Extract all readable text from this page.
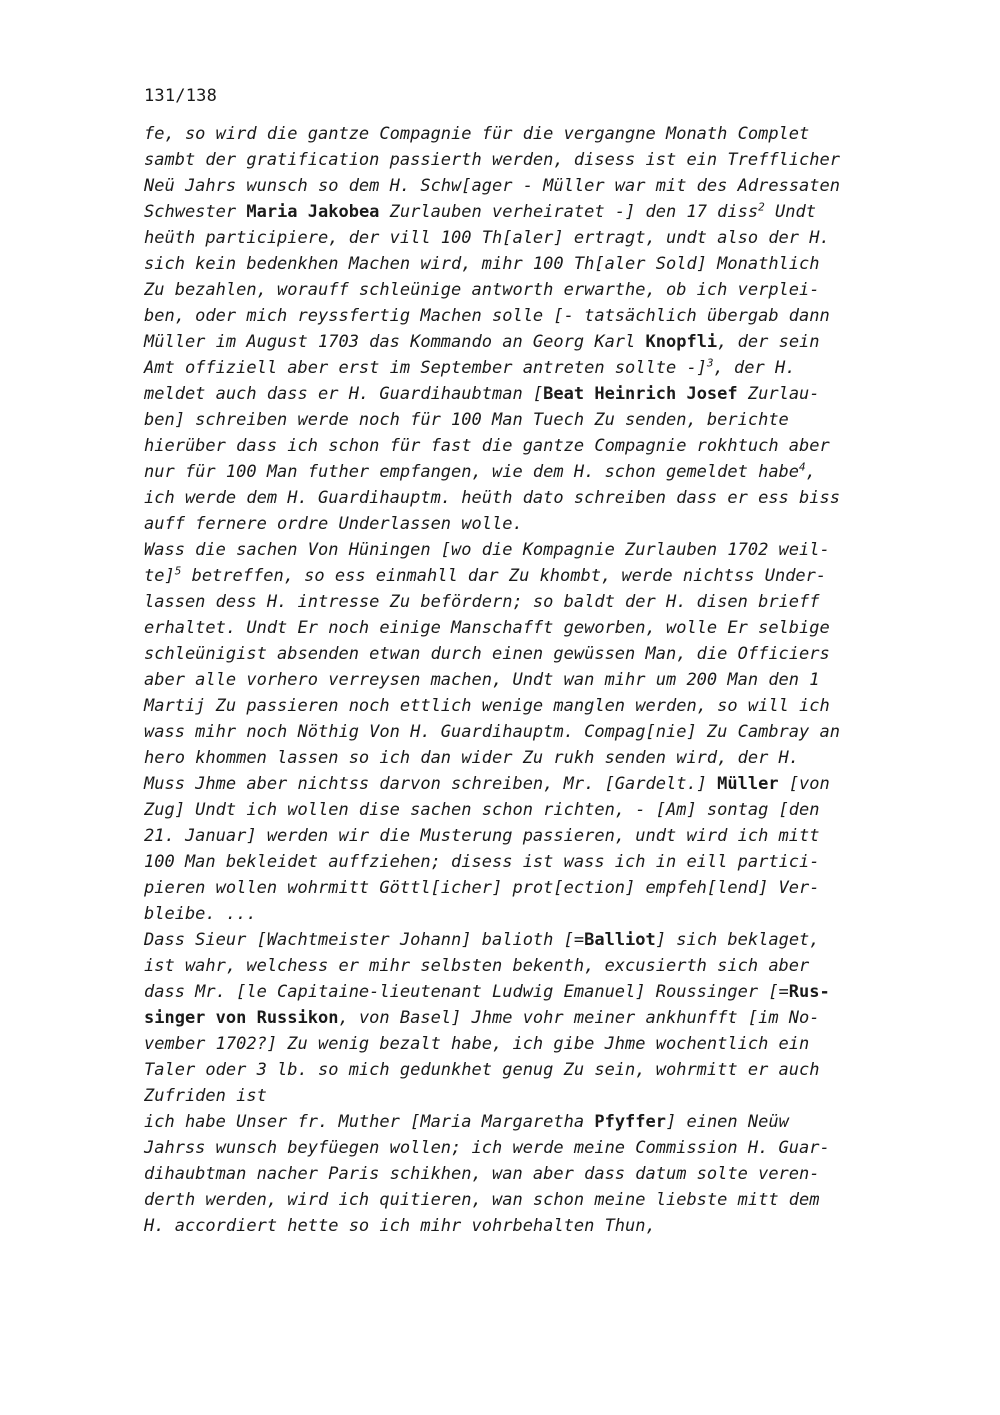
131/138
fe, so wird die gantze Compagnie für die vergangne Monath Complet
sambt der gratification passierth werden, disess ist ein Trefflicher
Neü Jahrs wunsch so dem H. Schw[ager - Müller war mit des Adressaten
Schwester Maria Jakobea Zurlauben verheiratet -] den 17 diss$^2$ Undt
heüth participiere, der vill 100 Th[aler] ertragt, undt also der H.
sich kein bedenkhen Machen wird, mihr 100 Th[aler Sold] Monathlich
Zu bezahlen, worauff schleünige antworth erwarthe, ob ich verplei-
ben, oder mich reyssfertig Machen solle [- tatsächlich übergab dann
Müller im August 1703 das Kommando an Georg Karl Knopfli, der sein
Amt offiziell aber erst im September antreten sollte -]$^3$, der H.
meldet auch dass er H. Guardihaubtman [Beat Heinrich Josef Zurlau-
ben] schreiben werde noch für 100 Man Tuech Zu senden, berichte
hierüber dass ich schon für fast die gantze Compagnie rokhtuch aber
nur für 100 Man futher empfangen, wie dem H. schon gemeldet habe$^4$,
ich werde dem H. Guardihauptm. heüth dato schreiben dass er ess biss
auff fernere ordre Underlassen wolle.
Wass die sachen Von Hüningen [wo die Kompagnie Zurlauben 1702 weil-
te]$^5$ betreffen, so ess einmahll dar Zu khombt, werde nichtss Under-
lassen dess H. intresse Zu befördern; so baldt der H. disen brieff
erhaltet. Undt Er noch einige Manschafft geworben, wolle Er selbige
schleünigist absenden etwan durch einen gewüssen Man, die Officiers
aber alle vorhero verreysen machen, Undt wan mihr um 200 Man den 1
Martij Zu passieren noch ettlich wenige manglen werden, so will ich
wass mihr noch Nöthig Von H. Guardihauptm. Compag[nie] Zu Cambray an
hero khommen lassen so ich dan wider Zu rukh senden wird, der H.
Muss Jhme aber nichtss darvon schreiben, Mr. [Gardelt.] Müller [von
Zug] Undt ich wollen dise sachen schon richten, - [Am] sontag [den
21. Januar] werden wir die Musterung passieren, undt wird ich mitt
100 Man bekleidet auffziehen; disess ist wass ich in eill partici-
pieren wollen wohrmitt Göttl[icher] prot[ection] empfeh[lend] Ver-
bleibe. ...
Dass Sieur [Wachtmeister Johann] balioth [=Balliot] sich beklaget,
ist wahr, welchess er mihr selbsten bekenth, excusierth sich aber
dass Mr. [le Capitaine-lieutenant Ludwig Emanuel] Roussinger [=Rus-
singer von Russikon, von Basel] Jhme vohr meiner ankhunfft [im No-
vember 1702?] Zu wenig bezalt habe, ich gibe Jhme wochentlich ein
Taler oder 3 lb. so mich gedunkhet genug Zu sein, wohrmitt er auch
Zufriden ist
ich habe Unser fr. Muther [Maria Margaretha Pfyffer] einen Neüw
Jahrss wunsch beyfüegen wollen; ich werde meine Commission H. Guar-
dihaubtman nacher Paris schikhen, wan aber dass datum solte veren-
derth werden, wird ich quitieren, wan schon meine liebste mitt dem
H. accordiert hette so ich mihr vohrbehalten Thun,
